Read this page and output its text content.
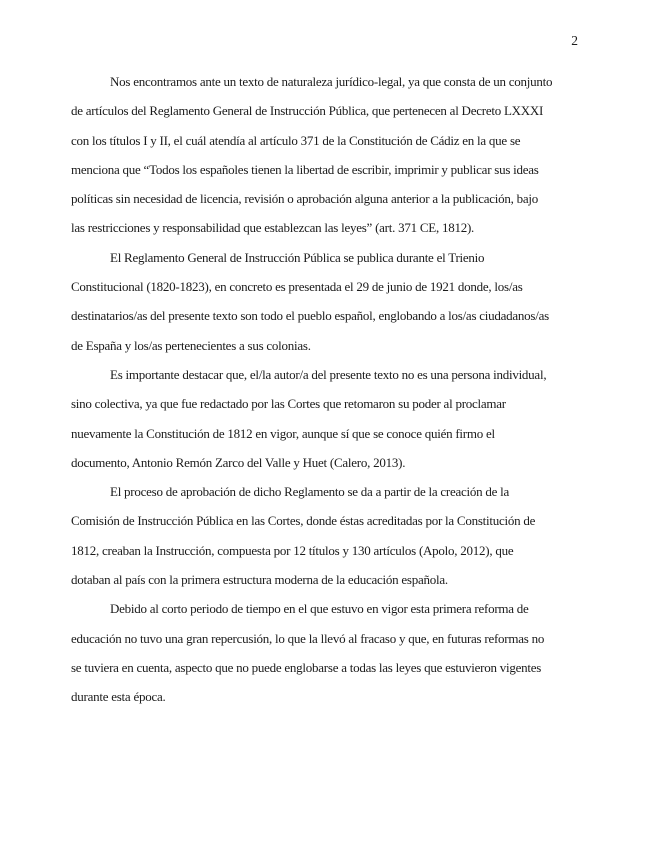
2

Nos encontramos ante un texto de naturaleza jurídico-legal, ya que consta de un conjunto
de artículos del Reglamento General de Instrucción Pública, que pertenecen al Decreto LXXXI
con los títulos I y II, el cuál atendía al artículo 371 de la Constitución de Cádiz en la que se
menciona que “Todos los españoles tienen la libertad de escribir, imprimir y publicar sus ideas
políticas sin necesidad de licencia, revisión o aprobación alguna anterior a la publicación, bajo
las restricciones y responsabilidad que establezcan las leyes” (art. 371 CE, 1812).

El Reglamento General de Instrucción Pública se publica durante el Trienio
Constitucional (1820-1823), en concreto es presentada el 29 de junio de 1921 donde, los/as
destinatarios/as del presente texto son todo el pueblo español, englobando a los/as ciudadanos/as
de España y los/as pertenecientes a sus colonias.

Es importante destacar que, el/la autor/a del presente texto no es una persona individual,
sino colectiva, ya que fue redactado por las Cortes que retomaron su poder al proclamar
nuevamente la Constitución de 1812 en vigor, aunque sí que se conoce quién firmo el
documento, Antonio Remón Zarco del Valle y Huet (Calero, 2013).

El proceso de aprobación de dicho Reglamento se da a partir de la creación de la
Comisión de Instrucción Pública en las Cortes, donde éstas acreditadas por la Constitución de
1812, creaban la Instrucción, compuesta por 12 títulos y 130 artículos (Apolo, 2012), que
dotaban al país con la primera estructura moderna de la educación española.

Debido al corto periodo de tiempo en el que estuvo en vigor esta primera reforma de
educación no tuvo una gran repercusión, lo que la llevó al fracaso y que, en futuras reformas no
se tuviera en cuenta, aspecto que no puede englobarse a todas las leyes que estuvieron vigentes
durante esta época.
